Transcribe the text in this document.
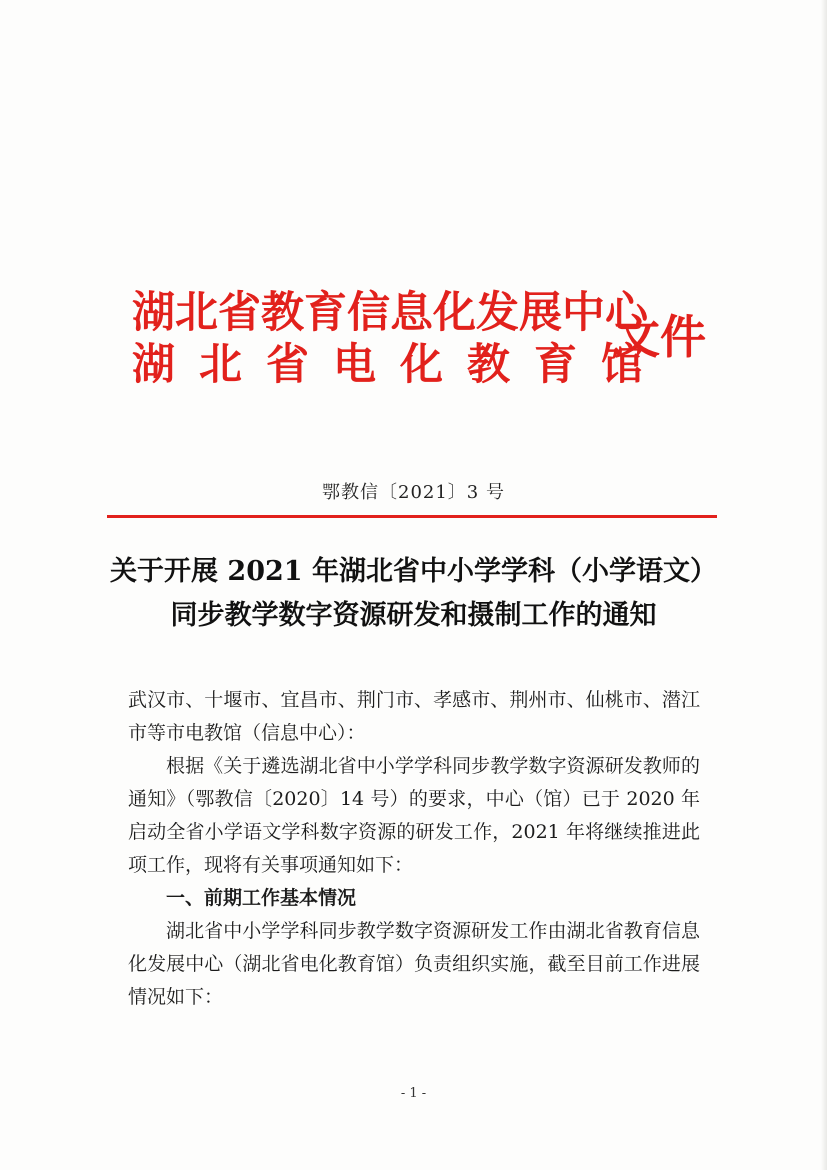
湖北省教育信息化发展中心
湖北省电化教育馆
文件
鄂教信〔2021〕3 号
关于开展 2021 年湖北省中小学学科（小学语文）
同步教学数字资源研发和摄制工作的通知

武汉市、十堰市、宜昌市、荆门市、孝感市、荆州市、仙桃市、潜江市等市电教馆（信息中心）：

根据《关于遴选湖北省中小学学科同步教学数字资源研发教师的通知》（鄂教信〔2020〕14 号）的要求，中心（馆）已于 2020 年启动全省小学语文学科数字资源的研发工作，2021 年将继续推进此项工作，现将有关事项通知如下：

一、前期工作基本情况

湖北省中小学学科同步教学数字资源研发工作由湖北省教育信息化发展中心（湖北省电化教育馆）负责组织实施，截至目前工作进展情况如下：

- 1 -
